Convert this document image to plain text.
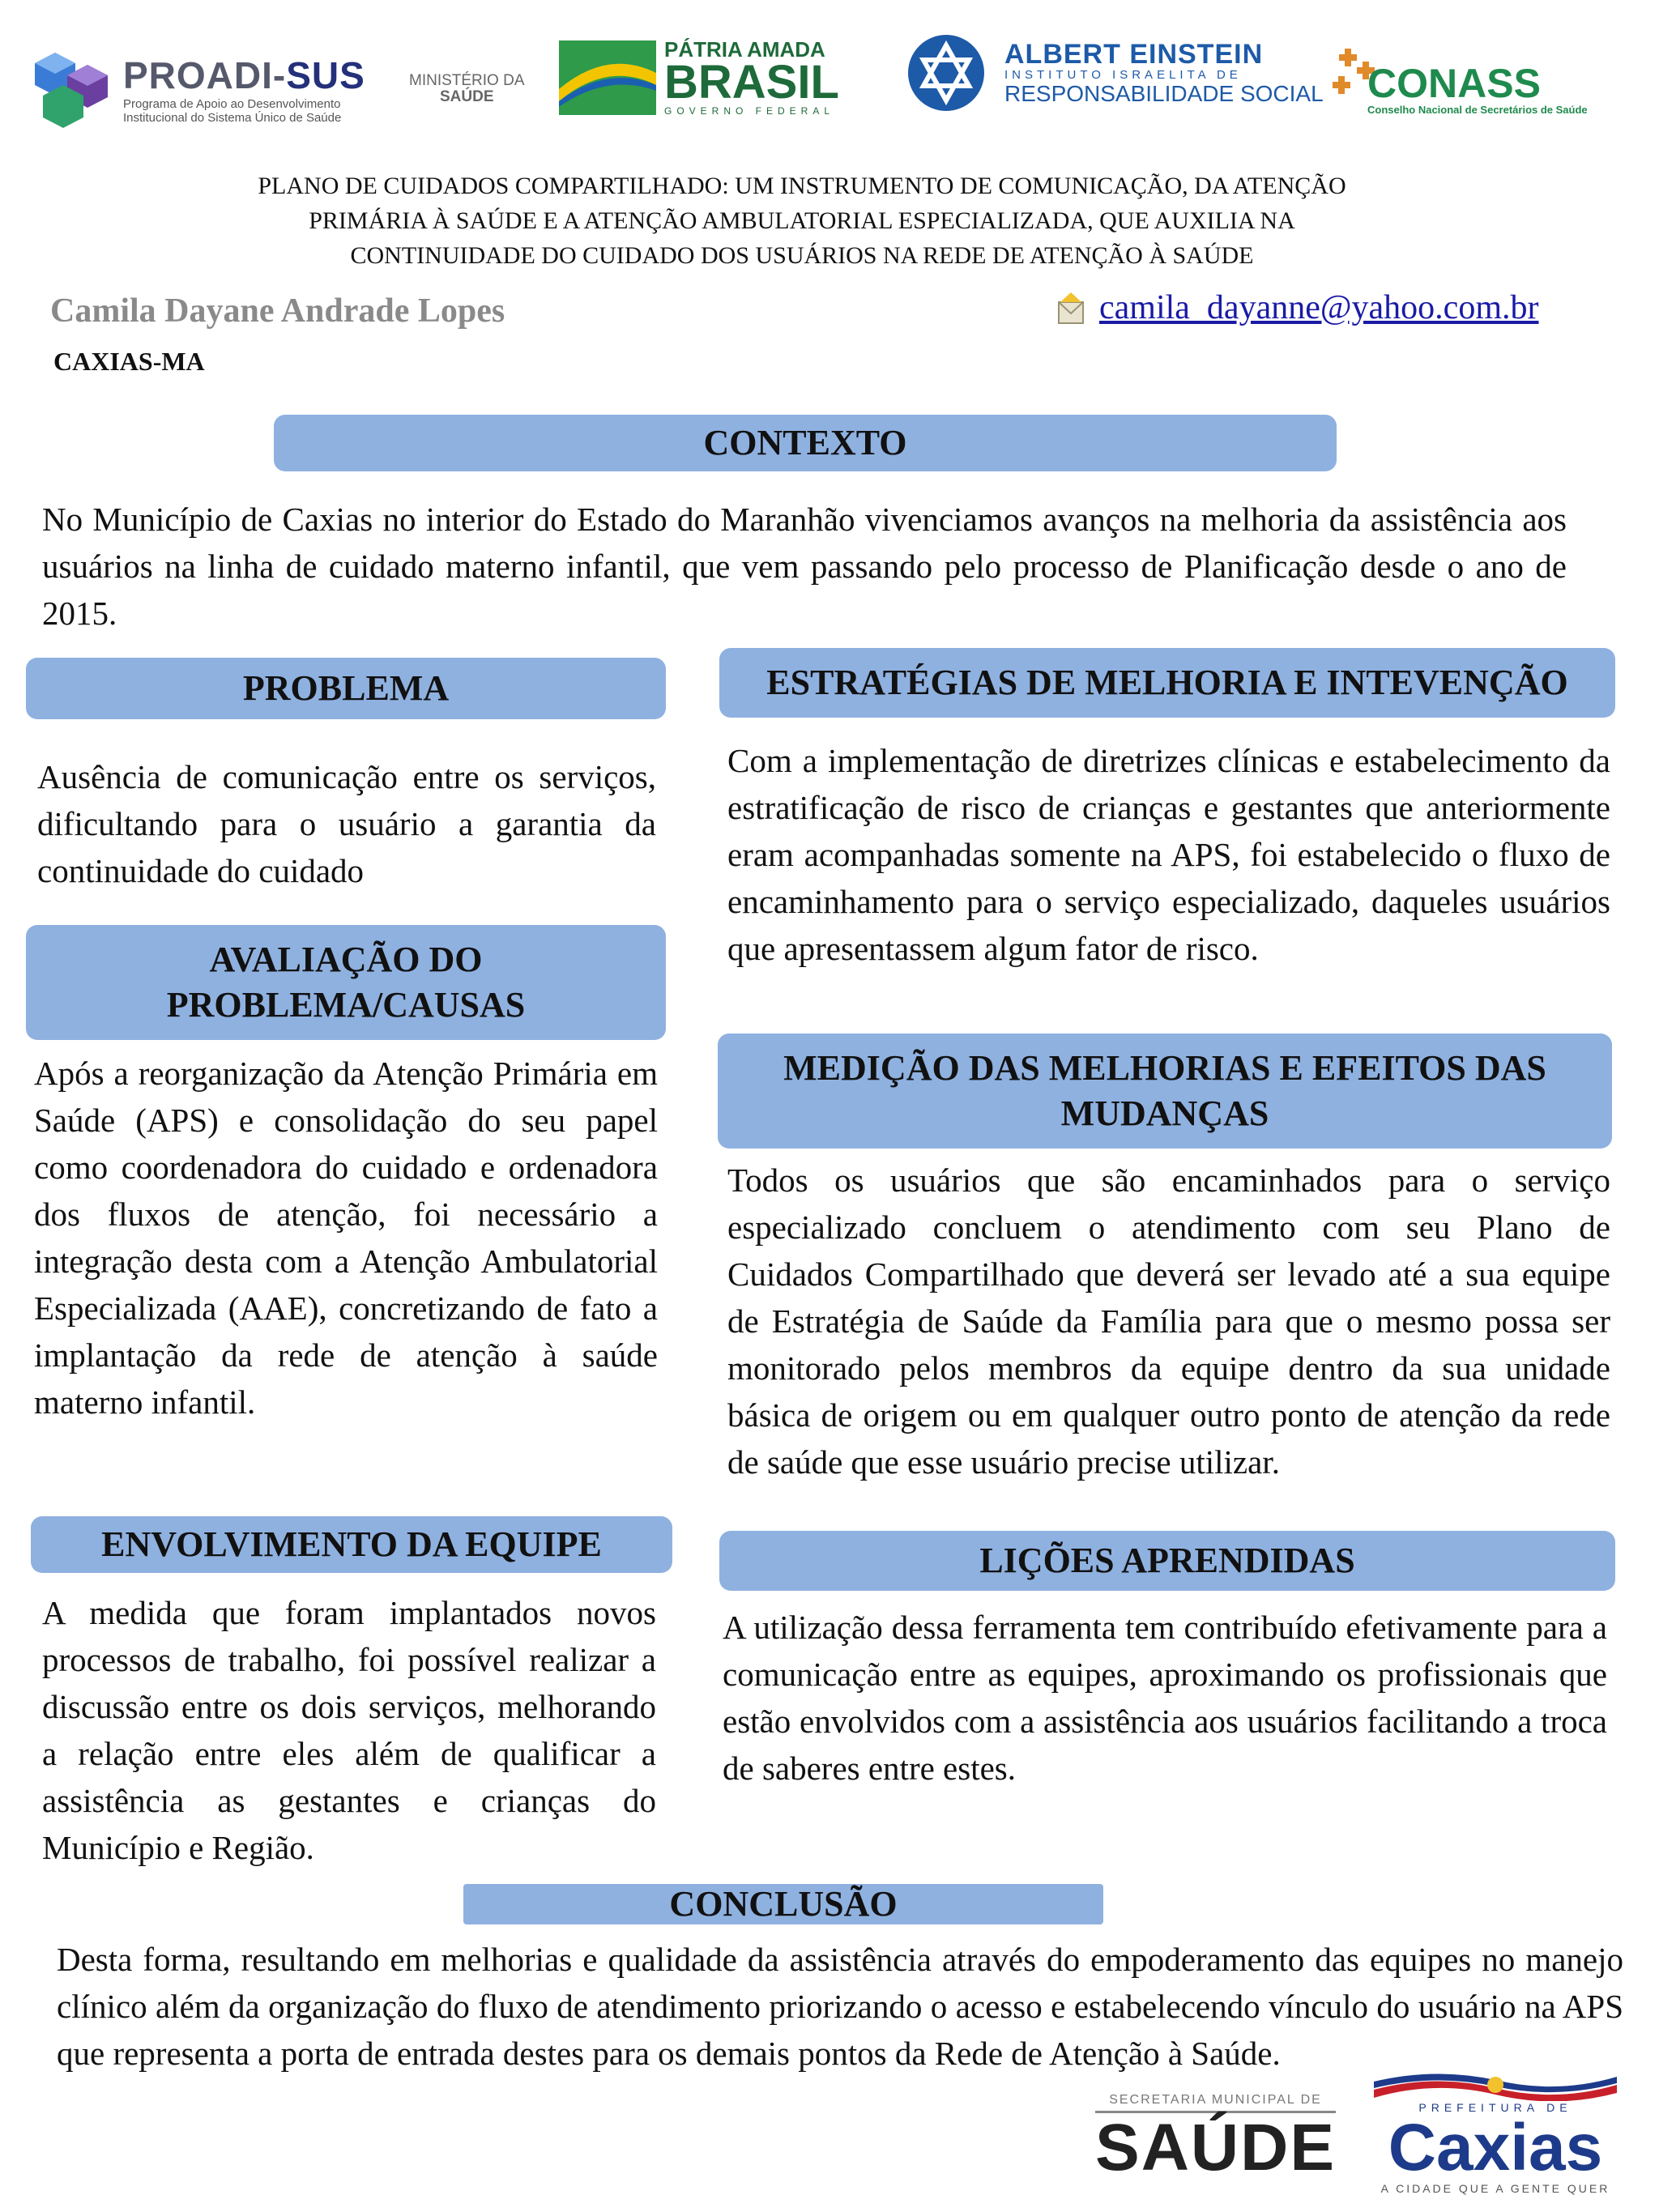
PROADI-SUS
Programa de Apoio ao Desenvolvimento
Institucional do Sistema Único de Saúde
MINISTÉRIO DA
SAÚDE
PÁTRIA AMADA
BRASIL
GOVERNO FEDERAL
ALBERT EINSTEIN
INSTITUTO ISRAELITA DE
RESPONSABILIDADE SOCIAL CONASS
Conselho Nacional de Secretários de Saúde
PLANO DE CUIDADOS COMPARTILHADO: UM INSTRUMENTO DE COMUNICAÇÃO, DA ATENÇÃO
PRIMÁRIA À SAÚDE E A ATENÇÃO AMBULATORIAL ESPECIALIZADA, QUE AUXILIA NA
CONTINUIDADE DO CUIDADO DOS USUÁRIOS NA REDE DE ATENÇÃO À SAÚDE
Camila Dayane Andrade Lopes
CAXIAS-MA
camila_dayanne@yahoo.com.br
CONTEXTO
No Município de Caxias no interior do Estado do Maranhão vivenciamos avanços na melhoria da assistência aos usuários na linha de cuidado materno infantil, que vem passando pelo processo de Planificação desde o ano de 2015.
PROBLEMA
Ausência de comunicação entre os serviços, dificultando para o usuário a garantia da continuidade do cuidado
AVALIAÇÃO DO
PROBLEMA/CAUSAS
Após a reorganização da Atenção Primária em Saúde (APS) e consolidação do seu papel como coordenadora do cuidado e ordenadora dos fluxos de atenção, foi necessário a integração desta com a Atenção Ambulatorial Especializada (AAE), concretizando de fato a implantação da rede de atenção à saúde materno infantil.
ENVOLVIMENTO DA EQUIPE
A medida que foram implantados novos processos de trabalho, foi possível realizar a discussão entre os dois serviços, melhorando a relação entre eles além de qualificar a assistência as gestantes e crianças do Município e Região.
ESTRATÉGIAS DE MELHORIA E INTEVENÇÃO
Com a implementação de diretrizes clínicas e estabelecimento da estratificação de risco de crianças e gestantes que anteriormente eram acompanhadas somente na APS, foi estabelecido o fluxo de encaminhamento para o serviço especializado, daqueles usuários que apresentassem algum fator de risco.
MEDIÇÃO DAS MELHORIAS E EFEITOS DAS
MUDANÇAS
Todos os usuários que são encaminhados para o serviço especializado concluem o atendimento com seu Plano de Cuidados Compartilhado que deverá ser levado até a sua equipe de Estratégia de Saúde da Família para que o mesmo possa ser monitorado pelos membros da equipe dentro da sua unidade básica de origem ou em qualquer outro ponto de atenção da rede de saúde que esse usuário precise utilizar.
LIÇÕES APRENDIDAS
A utilização dessa ferramenta tem contribuído efetivamente para a comunicação entre as equipes, aproximando os profissionais que estão envolvidos com a assistência aos usuários facilitando a troca de saberes entre estes.
CONCLUSÃO
Desta forma, resultando em melhorias e qualidade da assistência através do empoderamento das equipes no manejo clínico além da organização do fluxo de atendimento priorizando o acesso e estabelecendo vínculo do usuário na APS que representa a porta de entrada destes para os demais pontos da Rede de Atenção à Saúde.
SECRETARIA MUNICIPAL DE
SAÚDE
PREFEITURA DE
Caxias
A CIDADE QUE A GENTE QUER
